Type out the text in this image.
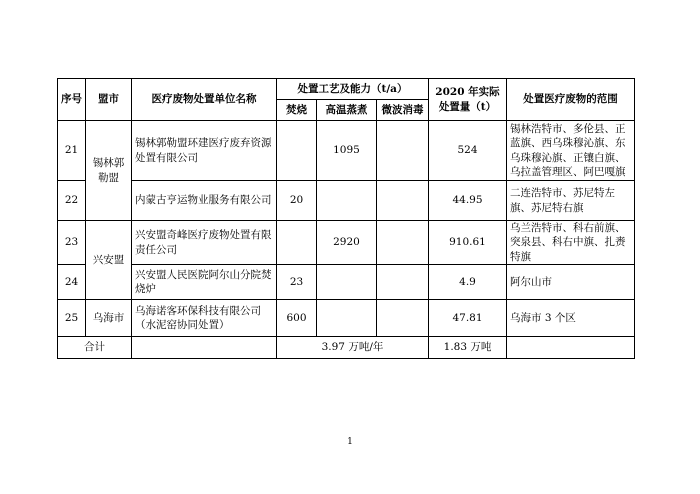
序号	盟市	医疗废物处置单位名称	处置工艺及能力（t/a）			2020 年实际处置量（t）	处置医疗废物的范围
			焚烧	高温蒸煮	微波消毒		
21	锡林郭勒盟	锡林郭勒盟环建医疗废弃资源处置有限公司		1095		524	锡林浩特市、多伦县、正蓝旗、西乌珠穆沁旗、东乌珠穆沁旗、正镶白旗、乌拉盖管理区、阿巴嘎旗
22		内蒙古亨运物业服务有限公司	20			44.95	二连浩特市、苏尼特左旗、苏尼特右旗
23	兴安盟	兴安盟奇峰医疗废物处置有限责任公司		2920		910.61	乌兰浩特市、科右前旗、突泉县、科右中旗、扎赉特旗
24		兴安盟人民医院阿尔山分院焚烧炉	23			4.9	阿尔山市
25	乌海市	乌海诺客环保科技有限公司（水泥窑协同处置）	600			47.81	乌海市 3 个区
合计			3.97 万吨/年			1.83 万吨	
1
